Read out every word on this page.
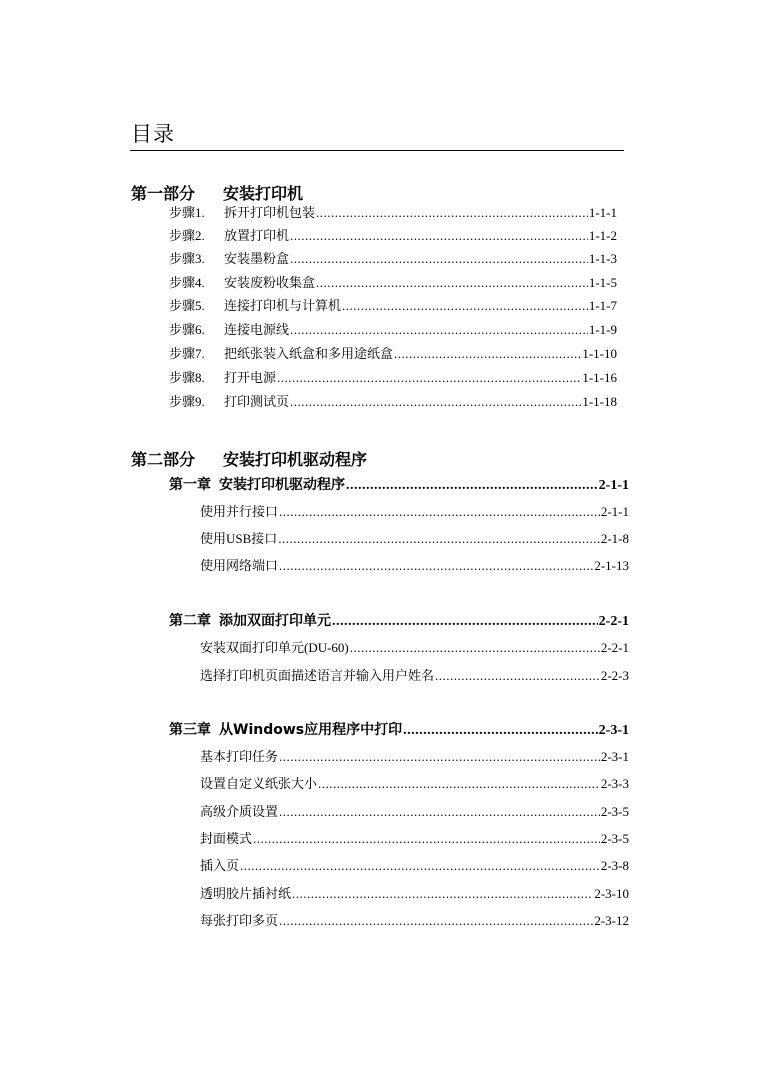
目录
第一部分 安装打印机
步骤1. 拆开打印机包装 .....	1-1-1
步骤2. 放置打印机 .....	1-1-2
步骤3. 安装墨粉盒 .....	1-1-3
步骤4. 安装废粉收集盒 .....	1-1-5
步骤5. 连接打印机与计算机 .....	1-1-7
步骤6. 连接电源线 .....	1-1-9
步骤7. 把纸张装入纸盒和多用途纸盒 .....	1-1-10
步骤8. 打开电源 .....	1-1-16
步骤9. 打印测试页 .....	1-1-18
第二部分 安装打印机驱动程序
第一章 安装打印机驱动程序 .....	2-1-1
使用并行接口 .....	2-1-1
使用USB接口 .....	2-1-8
使用网络端口 .....	2-1-13
第二章 添加双面打印单元 .....	2-2-1
安装双面打印单元(DU-60) .....	2-2-1
选择打印机页面描述语言并输入用户姓名 .....	2-2-3
第三章 从Windows应用程序中打印 .....	2-3-1
基本打印任务 .....	2-3-1
设置自定义纸张大小 .....	2-3-3
高级介质设置 .....	2-3-5
封面模式 .....	2-3-5
插入页 .....	2-3-8
透明胶片插衬纸 .....	2-3-10
每张打印多页 .....	2-3-12
